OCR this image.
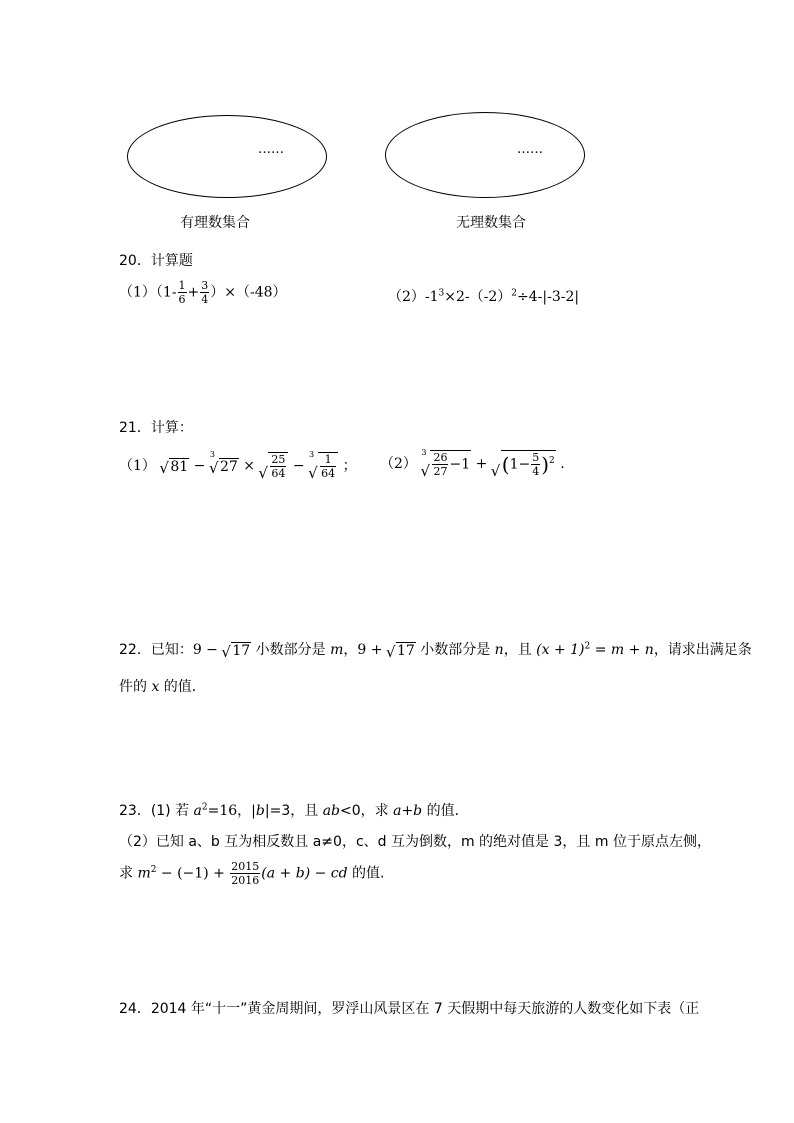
……
有理数集合
……
无理数集合
20．计算题
$(1)(1- \frac{1}{6} + \frac{3}{4} )\times(-48)$	$(2)-1^3\times 2-(-2)^2\div 4-|-3-2|$
21．计算：
（1） √ 81 − $^3$√ 27 × √ $\frac{25}{64} - ^3$ √ $\frac{1}{64}$ ； （2） $^3$ √ $\frac{26}{27} -1$ + √ $(1- \frac{5}{4} )^2$ .
22．已知：9 − √ 17 小数部分是 m，9 + √ 17 小数部分是 n，且 $(x + 1)^2 = m + n$，请求出满足条
件的 x 的值．
23．(1) 若 $a^2=16$，|b|=3，且 ab<0，求 a+b 的值．
（2）已知 a、b 互为相反数且 a≠0，c、d 互为倒数，m 的绝对值是 3，且 m 位于原点左侧，
求 $m^2 - (-1) + \frac{2015}{2016} (a + b)$ − cd 的值.
24．2014 年“十一”黄金周期间，罗浮山风景区在 7 天假期中每天旅游的人数变化如下表（正
